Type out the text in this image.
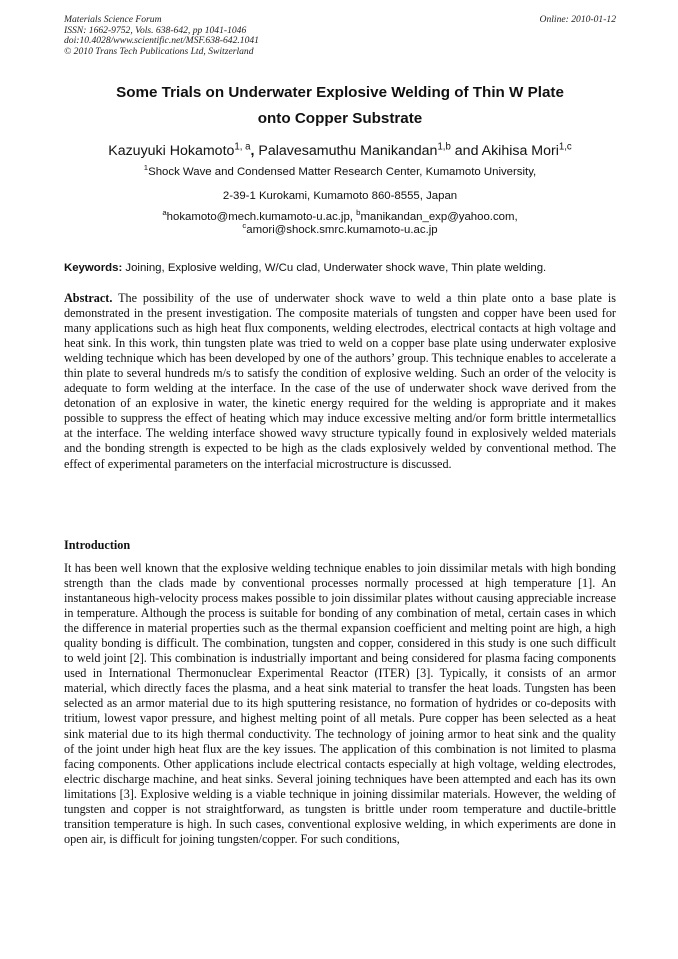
Materials Science Forum
ISSN: 1662-9752, Vols. 638-642, pp 1041-1046
doi:10.4028/www.scientific.net/MSF.638-642.1041
© 2010 Trans Tech Publications Ltd, Switzerland
Online: 2010-01-12
Some Trials on Underwater Explosive Welding of Thin W Plate
onto Copper Substrate
Kazuyuki Hokamoto$^{1, a}$, Palavesamuthu Manikandan$^{1,b}$ and Akihisa Mori$^{1,c}$
$^1$Shock Wave and Condensed Matter Research Center, Kumamoto University,
2-39-1 Kurokami, Kumamoto 860-8555, Japan
$^a$hokamoto@mech.kumamoto-u.ac.jp, $^b$manikandan_exp@yahoo.com,
$^c$amori@shock.smrc.kumamoto-u.ac.jp
Keywords: Joining, Explosive welding, W/Cu clad, Underwater shock wave, Thin plate welding.
Abstract. The possibility of the use of underwater shock wave to weld a thin plate onto a base plate is demonstrated in the present investigation. The composite materials of tungsten and copper have been used for many applications such as high heat flux components, welding electrodes, electrical contacts at high voltage and heat sink. In this work, thin tungsten plate was tried to weld on a copper base plate using underwater explosive welding technique which has been developed by one of the authors’ group. This technique enables to accelerate a thin plate to several hundreds m/s to satisfy the condition of explosive welding. Such an order of the velocity is adequate to form welding at the interface. In the case of the use of underwater shock wave derived from the detonation of an explosive in water, the kinetic energy required for the welding is appropriate and it makes possible to suppress the effect of heating which may induce excessive melting and/or form brittle intermetallics at the interface. The welding interface showed wavy structure typically found in explosively welded materials and the bonding strength is expected to be high as the clads explosively welded by conventional method. The effect of experimental parameters on the interfacial microstructure is discussed.
Introduction
It has been well known that the explosive welding technique enables to join dissimilar metals with high bonding strength than the clads made by conventional processes normally processed at high temperature [1]. An instantaneous high-velocity process makes possible to join dissimilar plates without causing appreciable increase in temperature. Although the process is suitable for bonding of any combination of metal, certain cases in which the difference in material properties such as the thermal expansion coefficient and melting point are high, a high quality bonding is difficult. The combination, tungsten and copper, considered in this study is one such difficult to weld joint [2]. This combination is industrially important and being considered for plasma facing components used in International Thermonuclear Experimental Reactor (ITER) [3]. Typically, it consists of an armor material, which directly faces the plasma, and a heat sink material to transfer the heat loads. Tungsten has been selected as an armor material due to its high sputtering resistance, no formation of hydrides or co-deposits with tritium, lowest vapor pressure, and highest melting point of all metals. Pure copper has been selected as a heat sink material due to its high thermal conductivity. The technology of joining armor to heat sink and the quality of the joint under high heat flux are the key issues. The application of this combination is not limited to plasma facing components. Other applications include electrical contacts especially at high voltage, welding electrodes, electric discharge machine, and heat sinks. Several joining techniques have been attempted and each has its own limitations [3]. Explosive welding is a viable technique in joining dissimilar materials. However, the welding of tungsten and copper is not straightforward, as tungsten is brittle under room temperature and ductile-brittle transition temperature is high. In such cases, conventional explosive welding, in which experiments are done in open air, is difficult for joining tungsten/copper. For such conditions,
